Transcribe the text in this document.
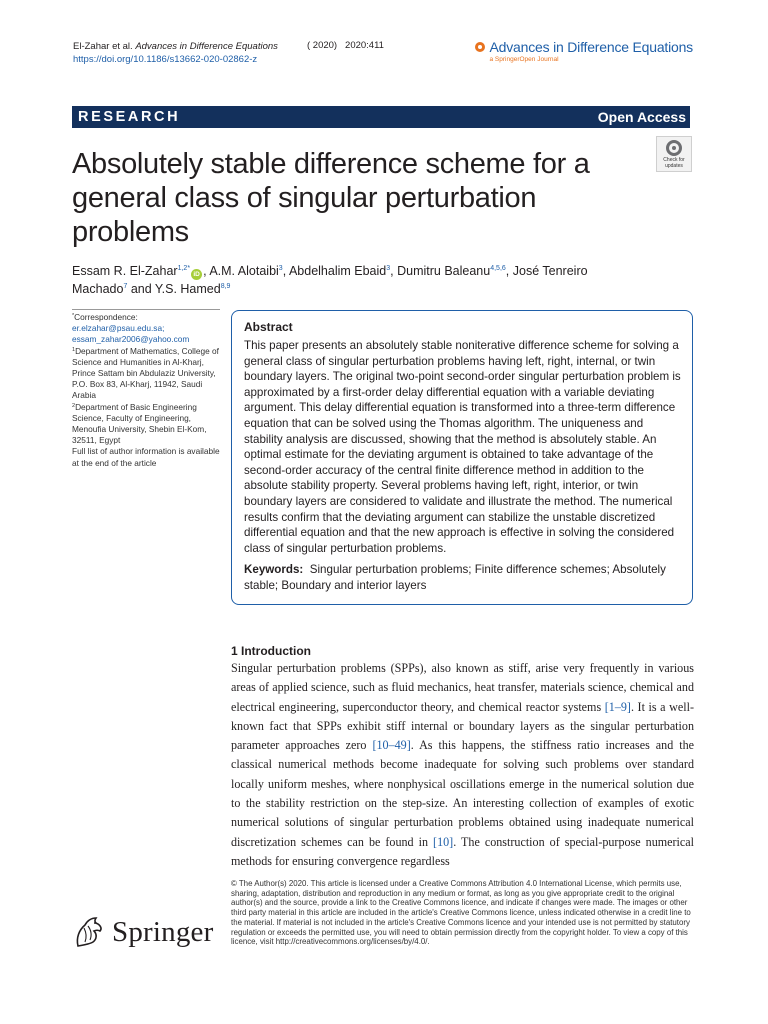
El-Zahar et al. Advances in Difference Equations
https://doi.org/10.1186/s13662-020-02862-z
( 2020) 2020:411	Advances in Difference Equations
a SpringerOpen Journal
RESEARCH	Open Access
Absolutely stable difference scheme for a general class of singular perturbation problems
Check for
updates

Essam R. El-Zahar$^{1,2*}$iD , A.M. Alotaibi$^3$, Abdelhalim Ebaid$^3$, Dumitru Baleanu$^{4,5,6}$, José Tenreiro Machado$^7$ and Y.S. Hamed$^{8,9}$

*Correspondence:
er.elzahar@psau.edu.sa;
essam_zahar2006@yahoo.com
$^1$Department of Mathematics, College of Science and Humanities in Al-Kharj, Prince Sattam bin Abdulaziz University, P.O. Box 83, Al-Kharj, 11942, Saudi Arabia
$^2$Department of Basic Engineering Science, Faculty of Engineering, Menoufia University, Shebin El-Kom, 32511, Egypt
Full list of author information is available at the end of the article
Abstract

This paper presents an absolutely stable noniterative difference scheme for solving a general class of singular perturbation problems having left, right, internal, or twin boundary layers. The original two-point second-order singular perturbation problem is approximated by a first-order delay differential equation with a variable deviating argument. This delay differential equation is transformed into a three-term difference equation that can be solved using the Thomas algorithm. The uniqueness and stability analysis are discussed, showing that the method is absolutely stable. An optimal estimate for the deviating argument is obtained to take advantage of the second-order accuracy of the central finite difference method in addition to the absolute stability property. Several problems having left, right, interior, or twin boundary layers are considered to validate and illustrate the method. The numerical results confirm that the deviating argument can stabilize the unstable discretized differential equation and that the new approach is effective in solving the considered class of singular perturbation problems.

Keywords: Singular perturbation problems; Finite difference schemes; Absolutely stable; Boundary and interior layers

1 Introduction

Singular perturbation problems (SPPs), also known as stiff, arise very frequently in various areas of applied science, such as fluid mechanics, heat transfer, materials science, chemical and electrical engineering, superconductor theory, and chemical reactor systems [1–9]. It is a well-known fact that SPPs exhibit stiff internal or boundary layers as the singular perturbation parameter approaches zero [10–49]. As this happens, the stiffness ratio increases and the classical numerical methods become inadequate for solving such problems over standard locally uniform meshes, where nonphysical oscillations emerge in the numerical solution due to the stability restriction on the step-size. An interesting collection of examples of exotic numerical solutions of singular perturbation problems obtained using inadequate numerical discretization schemes can be found in [10]. The construction of special-purpose numerical methods for ensuring convergence regardless

© The Author(s) 2020. This article is licensed under a Creative Commons Attribution 4.0 International License, which permits use, sharing, adaptation, distribution and reproduction in any medium or format, as long as you give appropriate credit to the original author(s) and the source, provide a link to the Creative Commons licence, and indicate if changes were made. The images or other third party material in this article are included in the article's Creative Commons licence, unless indicated otherwise in a credit line to the material. If material is not included in the article's Creative Commons licence and your intended use is not permitted by statutory regulation or exceeds the permitted use, you will need to obtain permission directly from the copyright holder. To view a copy of this licence, visit http://creativecommons.org/licenses/by/4.0/.

Springer
